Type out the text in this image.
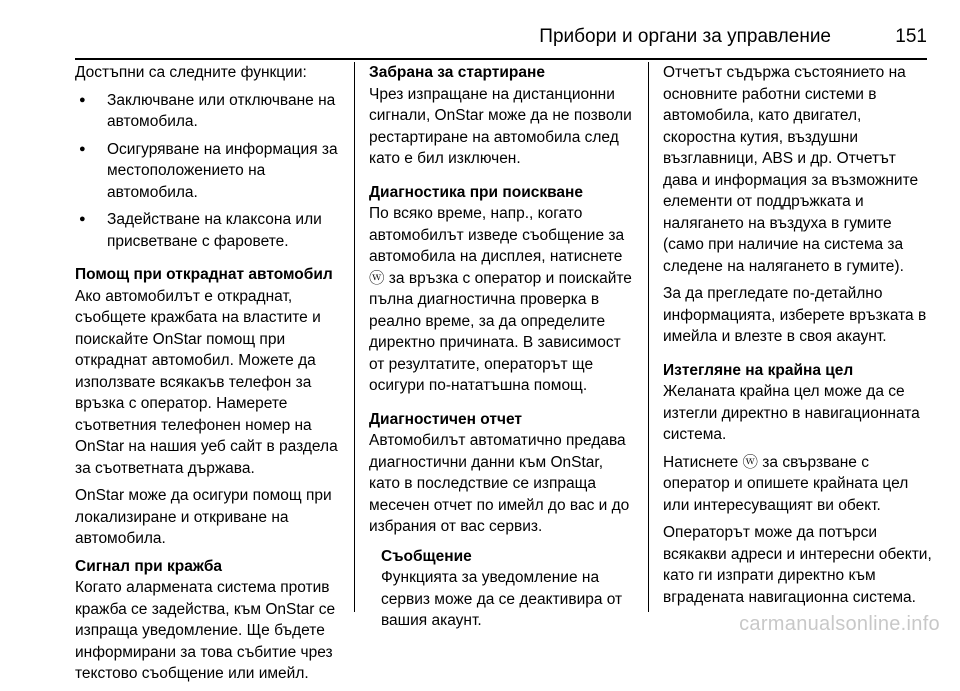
Прибори и органи за управление	151

Достъпни са следните функции:

● Заключване или отключване на автомобила.
● Осигуряване на информация за местоположението на автомобила.
● Задействане на клаксона или присветване с фаровете.

Помощ при откраднат автомобил

Ако автомобилът е откраднат, съобщете кражбата на властите и поискайте OnStar помощ при откраднат автомобил. Можете да използвате всякакъв телефон за връзка с оператор. Намерете съответния телефонен номер на OnStar на нашия уеб сайт в раздела за съответната държава.

OnStar може да осигури помощ при локализиране и откриване на автомобила.

Сигнал при кражба

Когато алармената система против кражба се задейства, към OnStar се изпраща уведомление. Ще бъдете информирани за това събитие чрез текстово съобщение или имейл.

Забрана за стартиране

Чрез изпращане на дистанционни сигнали, OnStar може да не позволи рестартиране на автомобила след като е бил изключен.

Диагностика при поискване

По всяко време, напр., когато автомобилът изведе съобщение за автомобила на дисплея, натиснете ⓦ за връзка с оператор и поискайте пълна диагностична проверка в реално време, за да определите директно причината. В зависимост от резултатите, операторът ще осигури по-нататъшна помощ.

Диагностичен отчет

Автомобилът автоматично предава диагностични данни към OnStar, като в последствие се изпраща месечен отчет по имейл до вас и до избрания от вас сервиз.

Съобщение

Функцията за уведомление на сервиз може да се деактивира от вашия акаунт.

Отчетът съдържа състоянието на основните работни системи в автомобила, като двигател, скоростна кутия, въздушни възглавници, ABS и др. Отчетът дава и информация за възможните елементи от поддръжката и налягането на въздуха в гумите (само при наличие на система за следене на налягането в гумите).

За да прегледате по-детайлно информацията, изберете връзката в имейла и влезте в своя акаунт.

Изтегляне на крайна цел

Желаната крайна цел може да се изтегли директно в навигационната система.

Натиснете ⓦ за свързване с оператор и опишете крайната цел или интересуващият ви обект.

Операторът може да потърси всякакви адреси и интересни обекти, като ги изпрати директно към вградената навигационна система.

carmanualsonline.info
